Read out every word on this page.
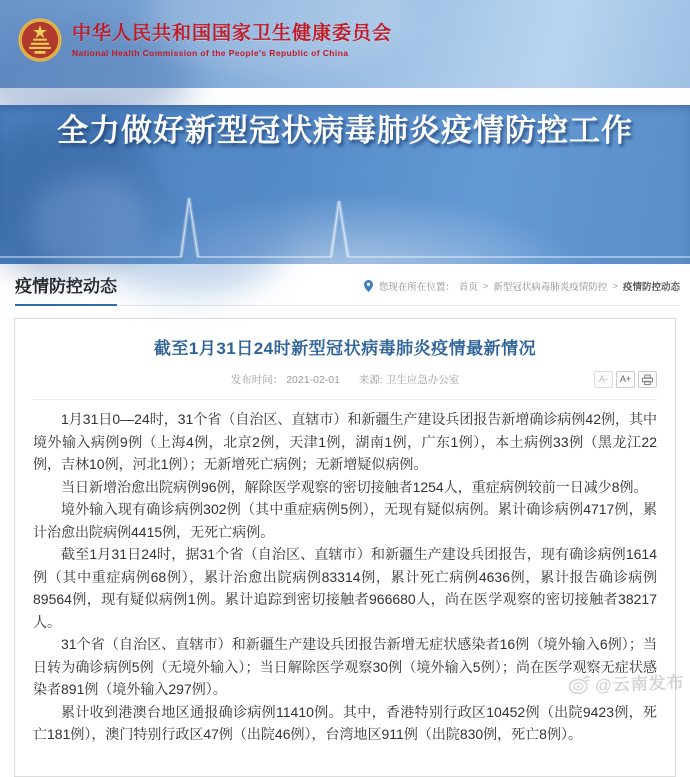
中华人民共和国国家卫生健康委员会
National Health Commission of the People's Republic of China
全力做好新型冠状病毒肺炎疫情防控工作
疫情防控动态	您现在所在位置： 首页 > 新型冠状病毒肺炎疫情防控 > 疫情防控动态
截至1月31日24时新型冠状病毒肺炎疫情最新情况
发布时间： 2021-02-01 来源: 卫生应急办公室	A-	A+

1月31日0—24时，31个省（自治区、直辖市）和新疆生产建设兵团报告新增确诊病例42例，其中境外输入病例9例（上海4例，北京2例，天津1例，湖南1例，广东1例），本土病例33例（黑龙江22例，吉林10例，河北1例）；无新增死亡病例；无新增疑似病例。

当日新增治愈出院病例96例，解除医学观察的密切接触者1254人，重症病例较前一日减少8例。

境外输入现有确诊病例302例（其中重症病例5例），无现有疑似病例。累计确诊病例4717例，累计治愈出院病例4415例，无死亡病例。

截至1月31日24时，据31个省（自治区、直辖市）和新疆生产建设兵团报告，现有确诊病例1614例（其中重症病例68例），累计治愈出院病例83314例，累计死亡病例4636例，累计报告确诊病例89564例，现有疑似病例1例。累计追踪到密切接触者966680人，尚在医学观察的密切接触者38217人。

31个省（自治区、直辖市）和新疆生产建设兵团报告新增无症状感染者16例（境外输入6例）；当日转为确诊病例5例（无境外输入）；当日解除医学观察30例（境外输入5例）；尚在医学观察无症状感染者891例（境外输入297例）。

累计收到港澳台地区通报确诊病例11410例。其中，香港特别行政区10452例（出院9423例，死亡181例），澳门特别行政区47例（出院46例），台湾地区911例（出院830例，死亡8例）。

@云南发布
